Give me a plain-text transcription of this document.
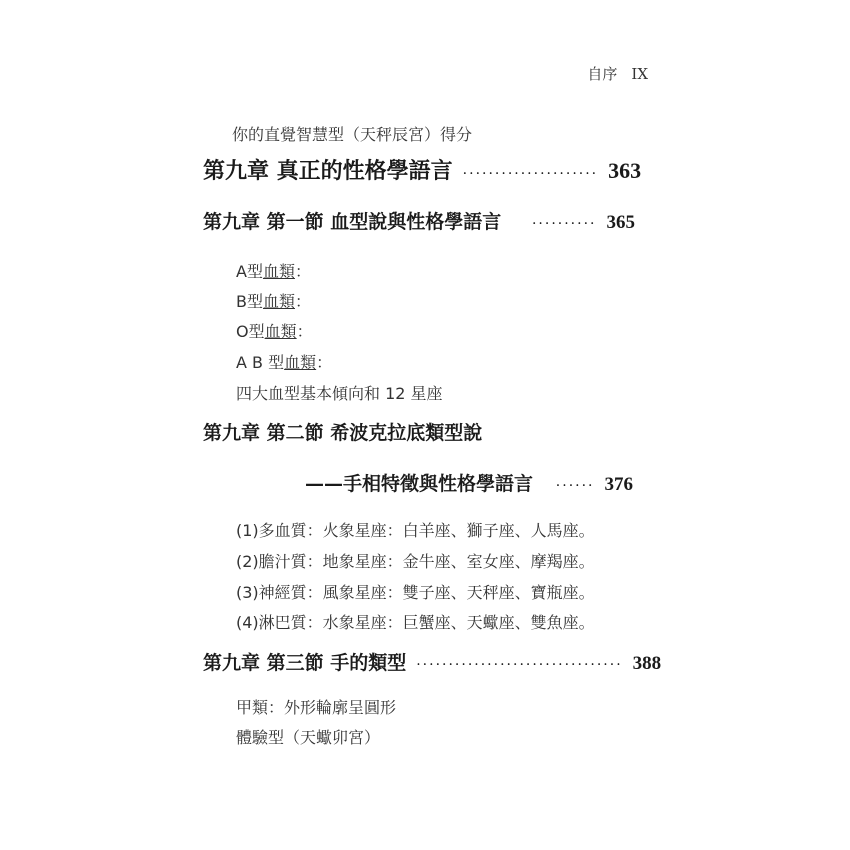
自序 IX
你的直覺智慧型（天秤辰宮）得分
第九章 真正的性格學語言 ····················· 363
第九章 第一節 血型說與性格學語言	·········· 365
A型血類：
B型血類：
O型血類：
A B 型血類：
四大血型基本傾向和 12 星座
第九章 第二節 希波克拉底類型說
——手相特徵與性格學語言	······ 376
(1)多血質：火象星座：白羊座、獅子座、人馬座。
(2)膽汁質：地象星座：金牛座、室女座、摩羯座。
(3)神經質：風象星座：雙子座、天秤座、寶瓶座。
(4)淋巴質：水象星座：巨蟹座、天蠍座、雙魚座。
第九章 第三節 手的類型 ································ 388
甲類：外形輪廓呈圓形
體驗型（天蠍卯宮）
